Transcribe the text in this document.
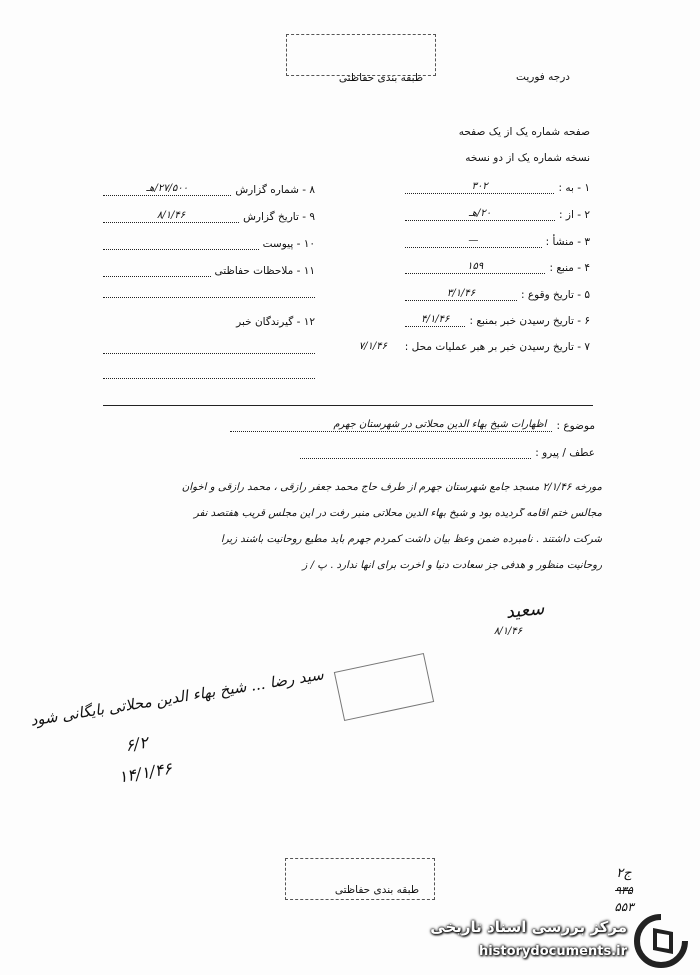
طبقه بندی حفاظتی	درجه فوریت
صفحه شماره یک از یک صفحه
نسخه شماره یک از دو نسخه
۸ - شماره گزارش
۲۷/۵۰۰/هـ
۹ - تاریخ گزارش
۸/۱/۴۶
۱۰ - پیوست
۱۱ - ملاحظات حفاظتی
۱۲ - گیرندگان خبر
۱ - به :
۳۰۲
۲ - از :
۲۰/هـ
۳ - منشأ :
—
۴ - منبع :
۱۵۹
۵ - تاریخ وقوع :
۳/۱/۴۶
۶ - تاریخ رسیدن خبر بمنبع :
۴/۱/۴۶
۷ - تاریخ رسیدن خبر بر هبر عملیات محل :
۷/۱/۴۶
موضوع :
اظهارات شیخ بهاء الدین محلاتی در شهرستان جهرم
عطف / پیرو :
مورخه ۲/۱/۴۶ مسجد جامع شهرستان جهرم از طرف حاج محمد جعفر رازقی ، محمد رازقی و اخوان
مجالس ختم اقامه گردیده بود و شیخ بهاء الدین محلاتی منبر رفت در این مجلس قریب هفتصد نفر
شرکت داشتند . نامبرده ضمن وعظ بیان داشت کمردم جهرم باید مطیع روحانیت باشند زیرا
روحانیت منظور و هدفی جز سعادت دنیا و آخرت برای آنها ندارد . پ / ز
سعید
۸/۱/۴۶
سید رضا ... شیخ بهاء الدین محلاتی بایگانی شود
۶/۲
۱۴/۱/۴۶
طبقه بندی حفاظتی
۲ج
۹۳۵
۵۵۳
مرکز بررسی اسناد تاریخی
historydocuments.ir
